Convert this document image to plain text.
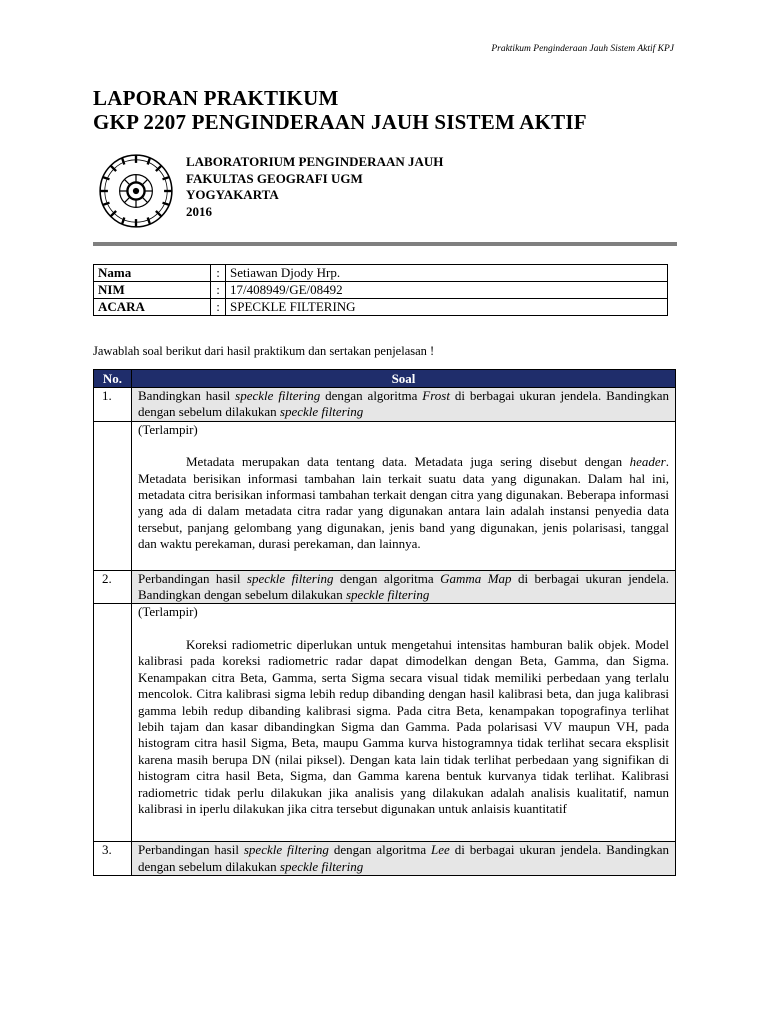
Praktikum Penginderaan Jauh Sistem Aktif KPJ
LAPORAN PRAKTIKUM
GKP 2207 PENGINDERAAN JAUH SISTEM AKTIF
LABORATORIUM PENGINDERAAN JAUH
FAKULTAS GEOGRAFI UGM
YOGYAKARTA
2016
Nama	:	Setiawan Djody Hrp.
NIM	:	17/408949/GE/08492
ACARA	:	SPECKLE FILTERING
Jawablah soal berikut dari hasil praktikum dan sertakan penjelasan !
No.	Soal
1.	Bandingkan hasil speckle filtering dengan algoritma Frost di berbagai ukuran jendela. Bandingkan dengan sebelum dilakukan speckle filtering

	(Terlampir)

Metadata merupakan data tentang data. Metadata juga sering disebut dengan header. Metadata berisikan informasi tambahan lain terkait suatu data yang digunakan. Dalam hal ini, metadata citra berisikan informasi tambahan terkait dengan citra yang digunakan. Beberapa informasi yang ada di dalam metadata citra radar yang digunakan antara lain adalah instansi penyedia data tersebut, panjang gelombang yang digunakan, jenis band yang digunakan, jenis polarisasi, tanggal dan waktu perekaman, durasi perekaman, dan lainnya.

2.	Perbandingan hasil speckle filtering dengan algoritma Gamma Map di berbagai ukuran jendela. Bandingkan dengan sebelum dilakukan speckle filtering

	(Terlampir)

Koreksi radiometric diperlukan untuk mengetahui intensitas hamburan balik objek. Model kalibrasi pada koreksi radiometric radar dapat dimodelkan dengan Beta, Gamma, dan Sigma. Kenampakan citra Beta, Gamma, serta Sigma secara visual tidak memiliki perbedaan yang terlalu mencolok. Citra kalibrasi sigma lebih redup dibanding dengan hasil kalibrasi beta, dan juga kalibrasi gamma lebih redup dibanding kalibrasi sigma. Pada citra Beta, kenampakan topografinya terlihat lebih tajam dan kasar dibandingkan Sigma dan Gamma. Pada polarisasi VV maupun VH, pada histogram citra hasil Sigma, Beta, maupu Gamma kurva histogramnya tidak terlihat secara eksplisit karena masih berupa DN (nilai piksel). Dengan kata lain tidak terlihat perbedaan yang signifikan di histogram citra hasil Beta, Sigma, dan Gamma karena bentuk kurvanya tidak terlihat. Kalibrasi radiometric tidak perlu dilakukan jika analisis yang dilakukan adalah analisis kualitatif, namun kalibrasi in iperlu dilakukan jika citra tersebut digunakan untuk anlaisis kuantitatif

3.	Perbandingan hasil speckle filtering dengan algoritma Lee di berbagai ukuran jendela. Bandingkan dengan sebelum dilakukan speckle filtering
